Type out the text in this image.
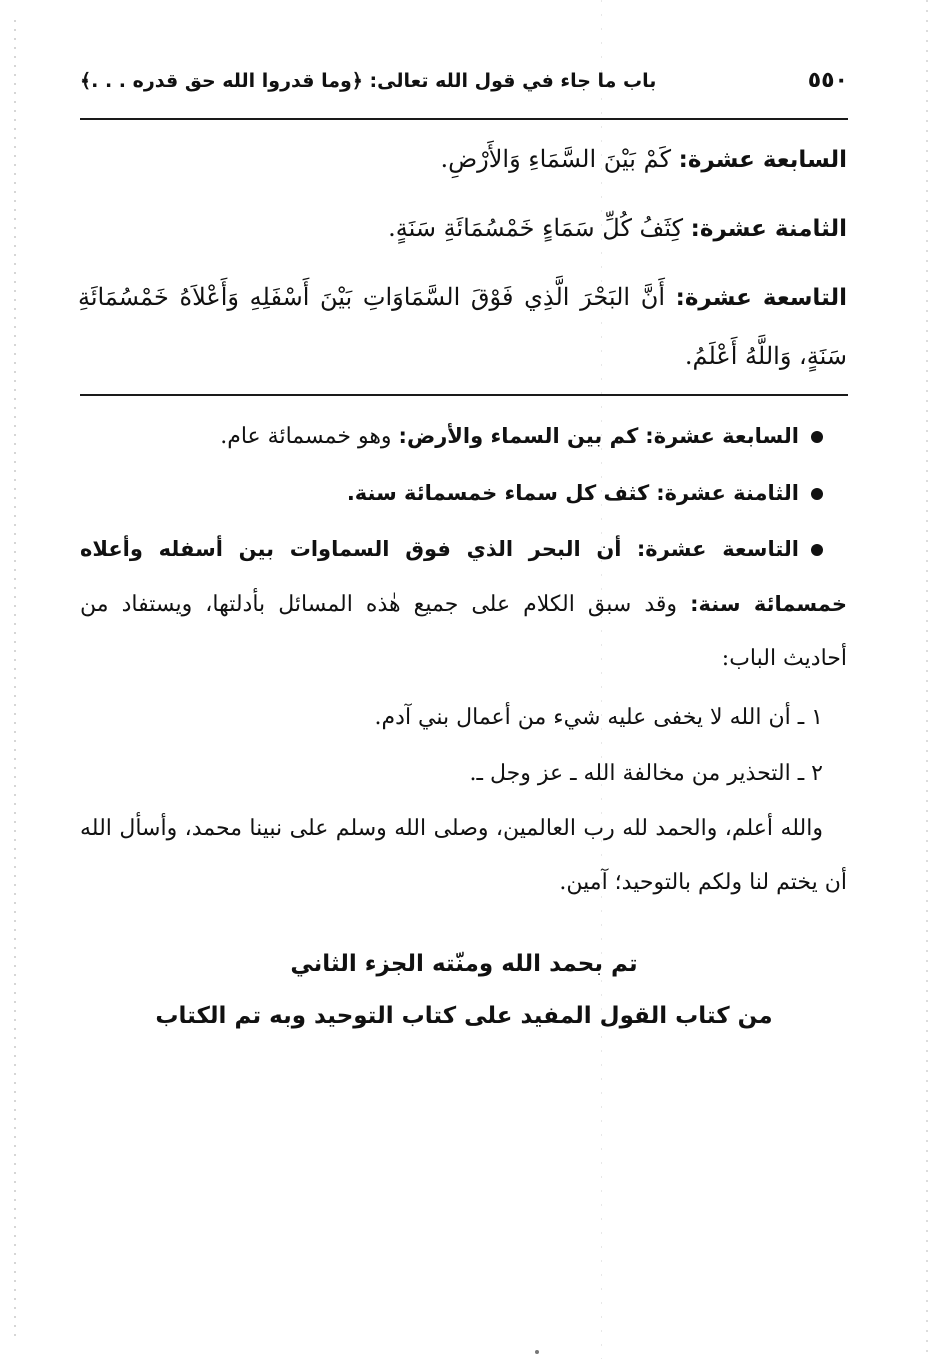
٥٥٠
باب ما جاء في قول الله تعالى: ﴿وما قدروا الله حق قدره . . .﴾

السابعة عشرة: كَمْ بَيْنَ السَّمَاءِ وَالأَرْضِ.

الثامنة عشرة: كِثَفُ كُلِّ سَمَاءٍ خَمْسُمَائَةِ سَنَةٍ.

التاسعة عشرة: أَنَّ البَحْرَ الَّذِي فَوْقَ السَّمَاوَاتِ بَيْنَ أَسْفَلِهِ وَأَعْلاَهُ خَمْسُمَائَةِ سَنَةٍ، وَاللَّهُ أَعْلَمُ.

السابعة عشرة: كم بين السماء والأرض: وهو خمسمائة عام.

الثامنة عشرة: كثف كل سماء خمسمائة سنة.

التاسعة عشرة: أن البحر الذي فوق السماوات بين أسفله وأعلاه خمسمائة سنة: وقد سبق الكلام على جميع هٰذه المسائل بأدلتها، ويستفاد من أحاديث الباب:

١ ـ أن الله لا يخفى عليه شيء من أعمال بني آدم.

٢ ـ التحذير من مخالفة الله ـ عز وجل ـ.

والله أعلم، والحمد لله رب العالمين، وصلى الله وسلم على نبينا محمد، وأسأل الله أن يختم لنا ولكم بالتوحيد؛ آمين.

تم بحمد الله ومنّته الجزء الثاني
من كتاب القول المفيد على كتاب التوحيد وبه تم الكتاب
